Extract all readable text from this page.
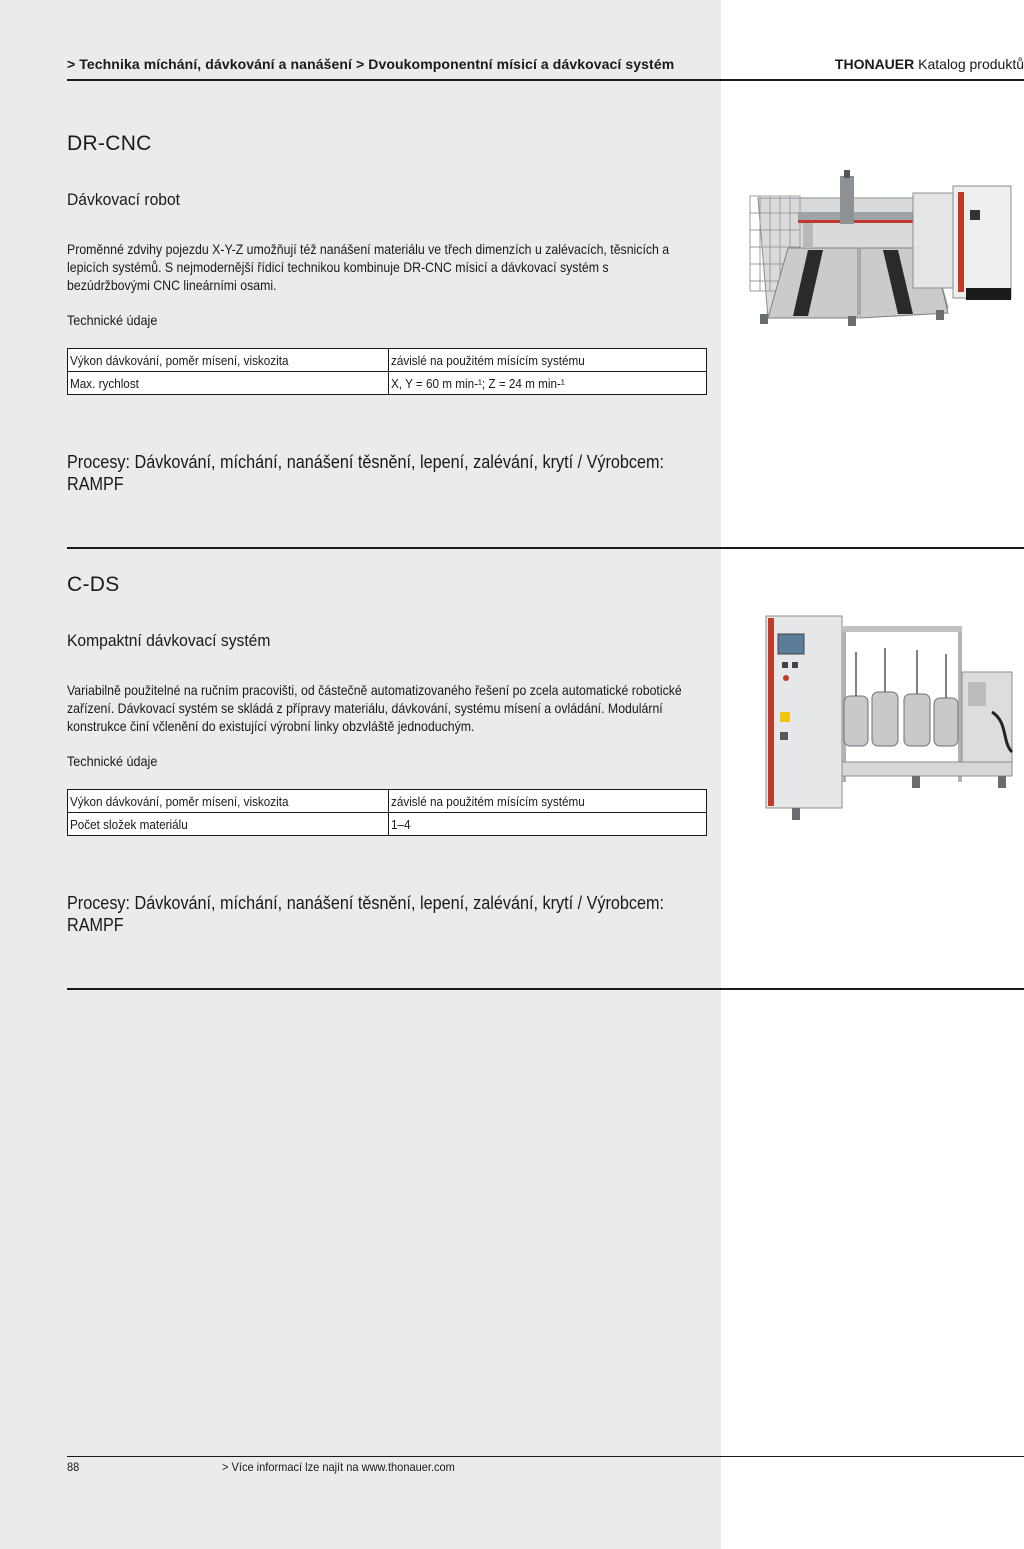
> Technika míchání, dávkování a nanášení > Dvoukomponentní mísicí a dávkovací systém	THONAUER Katalog produktů
DR-CNC
Dávkovací robot
Proměnné zdvihy pojezdu X-Y-Z umožňují též nanášení materiálu ve třech dimenzích u zalévacích, těsnicích a lepicích systémů. S nejmodernější řídicí technikou kombinuje DR-CNC mísicí a dávkovací systém s bezúdržbovými CNC lineárními osami.
Technické údaje
Výkon dávkování, poměr mísení, viskozita	závislé na použitém mísícím systému
Max. rychlost	X, Y = 60 m min-¹; Z = 24 m min-¹
Procesy: Dávkování, míchání, nanášení těsnění, lepení, zalévání, krytí / Výrobcem: RAMPF
C-DS
Kompaktní dávkovací systém
Variabilně použitelné na ručním pracovišti, od částečně automatizovaného řešení po zcela automatické robotické zařízení. Dávkovací systém se skládá z přípravy materiálu, dávkování, systému mísení a ovládání. Modulární konstrukce činí včlenění do existující výrobní linky obzvláště jednoduchým.
Technické údaje
Výkon dávkování, poměr mísení, viskozita	závislé na použitém mísícím systému
Počet složek materiálu	1–4
Procesy: Dávkování, míchání, nanášení těsnění, lepení, zalévání, krytí / Výrobcem: RAMPF
88	> Více informací lze najít na www.thonauer.com
